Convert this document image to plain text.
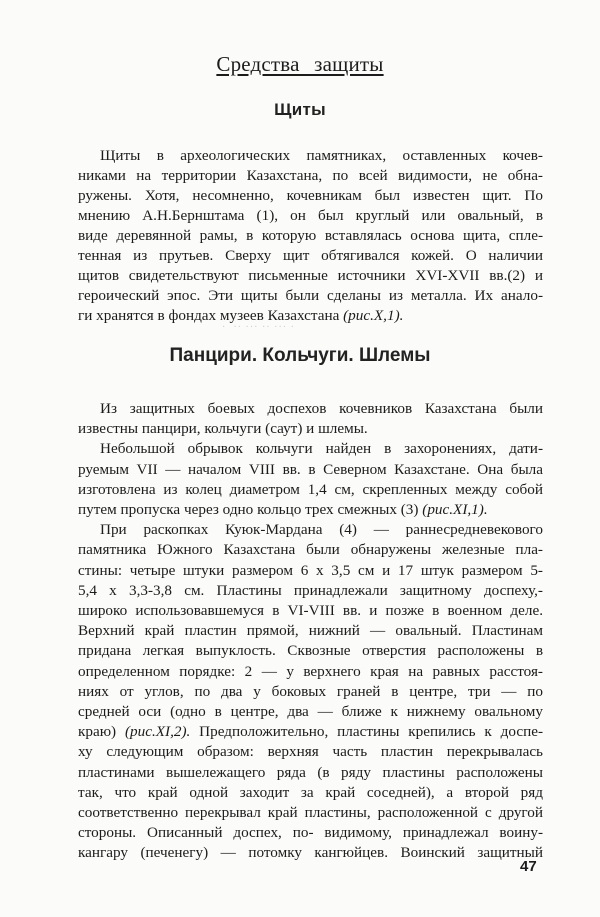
Средства защиты
Щиты
Щиты в археологических памятниках, оставленных кочев-
никами на территории Казахстана, по всей видимости, не обна-
ружены. Хотя, несомненно, кочевникам был известен щит. По
мнению А.Н.Бернштама (1), он был круглый или овальный, в
виде деревянной рамы, в которую вставлялась основа щита, спле-
тенная из прутьев. Сверху щит обтягивался кожей. О наличии
щитов свидетельствуют письменные источники XVI-XVII вв.(2) и
героический эпос. Эти щиты были сделаны из металла. Их анало-
ги хранятся в фондах музеев Казахстана (рис.X,1).
·  ·· ··· ·· ··· ·
Панцири. Кольчуги. Шлемы
Из защитных боевых доспехов кочевников Казахстана были
известны панцири, кольчуги (саут) и шлемы.
Небольшой обрывок кольчуги найден в захоронениях, дати-
руемым VII — началом VIII вв. в Северном Казахстане. Она была
изготовлена из колец диаметром 1,4 см, скрепленных между собой
путем пропуска через одно кольцо трех смежных (3) (рис.XI,1).
При раскопках Куюк-Мардана (4) — раннесредневекового
памятника Южного Казахстана были обнаружены железные пла-
стины: четыре штуки размером 6 х 3,5 см и 17 штук размером 5-
5,4 х 3,3-3,8 см. Пластины принадлежали защитному доспеху,-
широко использовавшемуся в VI-VIII вв. и позже в военном деле.
Верхний край пластин прямой, нижний — овальный. Пластинам
придана легкая выпуклость. Сквозные отверстия расположены в
определенном порядке: 2 — у верхнего края на равных расстоя-
ниях от углов, по два у боковых граней в центре, три — по
средней оси (одно в центре, два — ближе к нижнему овальному
краю) (рис.XI,2). Предположительно, пластины крепились к доспе-
ху следующим образом: верхняя часть пластин перекрывалась
пластинами вышележащего ряда (в ряду пластины расположены
так, что край одной заходит за край соседней), а второй ряд
соответственно перекрывал край пластины, расположенной с другой
стороны. Описанный доспех, по- видимому, принадлежал воину-
кангару (печенегу) — потомку кангюйцев. Воинский защитный
47
